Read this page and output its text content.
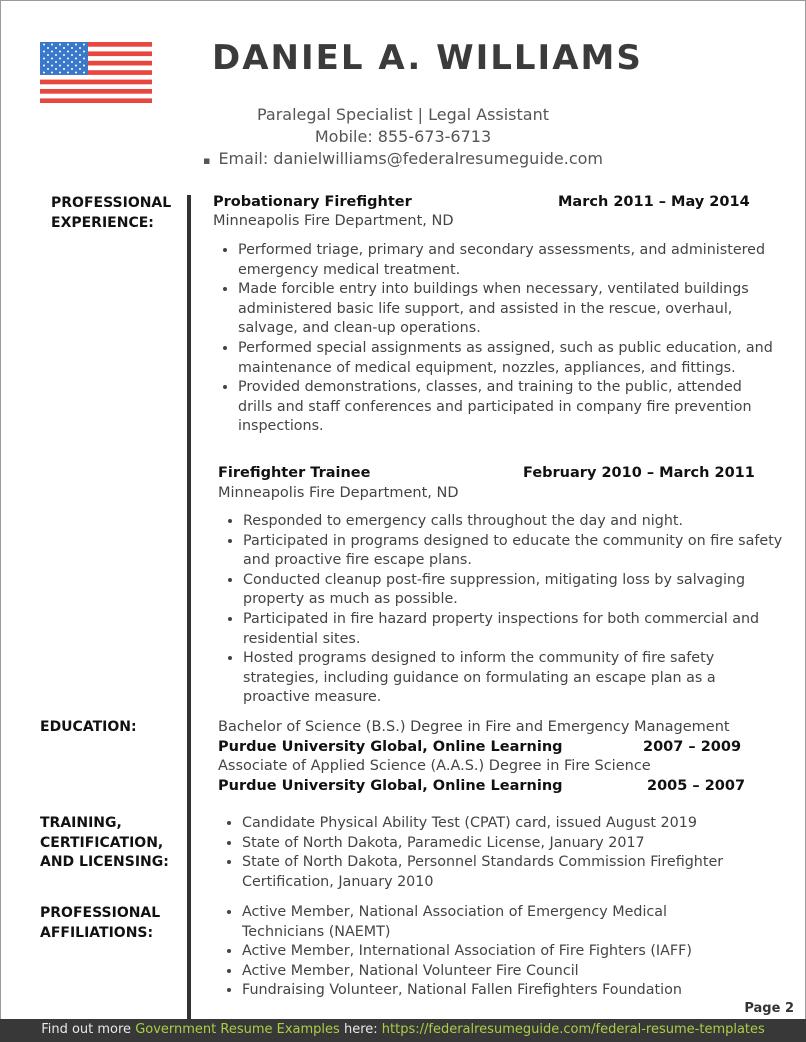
DANIEL A. WILLIAMS
Paralegal Specialist | Legal Assistant
Mobile: 855-673-6713
▪ Email: danielwilliams@federalresumeguide.com
PROFESSIONAL
EXPERIENCE:
Probationary Firefighter	March 2011 – May 2014
Minneapolis Fire Department, ND
• Performed triage, primary and secondary assessments, and administered emergency medical treatment.
• Made forcible entry into buildings when necessary, ventilated buildings administered basic life support, and assisted in the rescue, overhaul, salvage, and clean-up operations.
• Performed special assignments as assigned, such as public education, and maintenance of medical equipment, nozzles, appliances, and fittings.
• Provided demonstrations, classes, and training to the public, attended drills and staff conferences and participated in company fire prevention inspections.
Firefighter Trainee	February 2010 – March 2011
Minneapolis Fire Department, ND
• Responded to emergency calls throughout the day and night.
• Participated in programs designed to educate the community on fire safety and proactive fire escape plans.
• Conducted cleanup post-fire suppression, mitigating loss by salvaging property as much as possible.
• Participated in fire hazard property inspections for both commercial and residential sites.
• Hosted programs designed to inform the community of fire safety strategies, including guidance on formulating an escape plan as a proactive measure.
EDUCATION:	Bachelor of Science (B.S.) Degree in Fire and Emergency Management
Purdue University Global, Online Learning	2007 – 2009
Associate of Applied Science (A.A.S.) Degree in Fire Science
Purdue University Global, Online Learning	2005 – 2007
TRAINING,
CERTIFICATION,
AND LICENSING:
• Candidate Physical Ability Test (CPAT) card, issued August 2019
• State of North Dakota, Paramedic License, January 2017
• State of North Dakota, Personnel Standards Commission Firefighter Certification, January 2010
PROFESSIONAL
AFFILIATIONS:
• Active Member, National Association of Emergency Medical Technicians (NAEMT)
• Active Member, International Association of Fire Fighters (IAFF)
• Active Member, National Volunteer Fire Council
• Fundraising Volunteer, National Fallen Firefighters Foundation
Page 2
Find out more Government Resume Examples here: https://federalresumeguide.com/federal-resume-templates
